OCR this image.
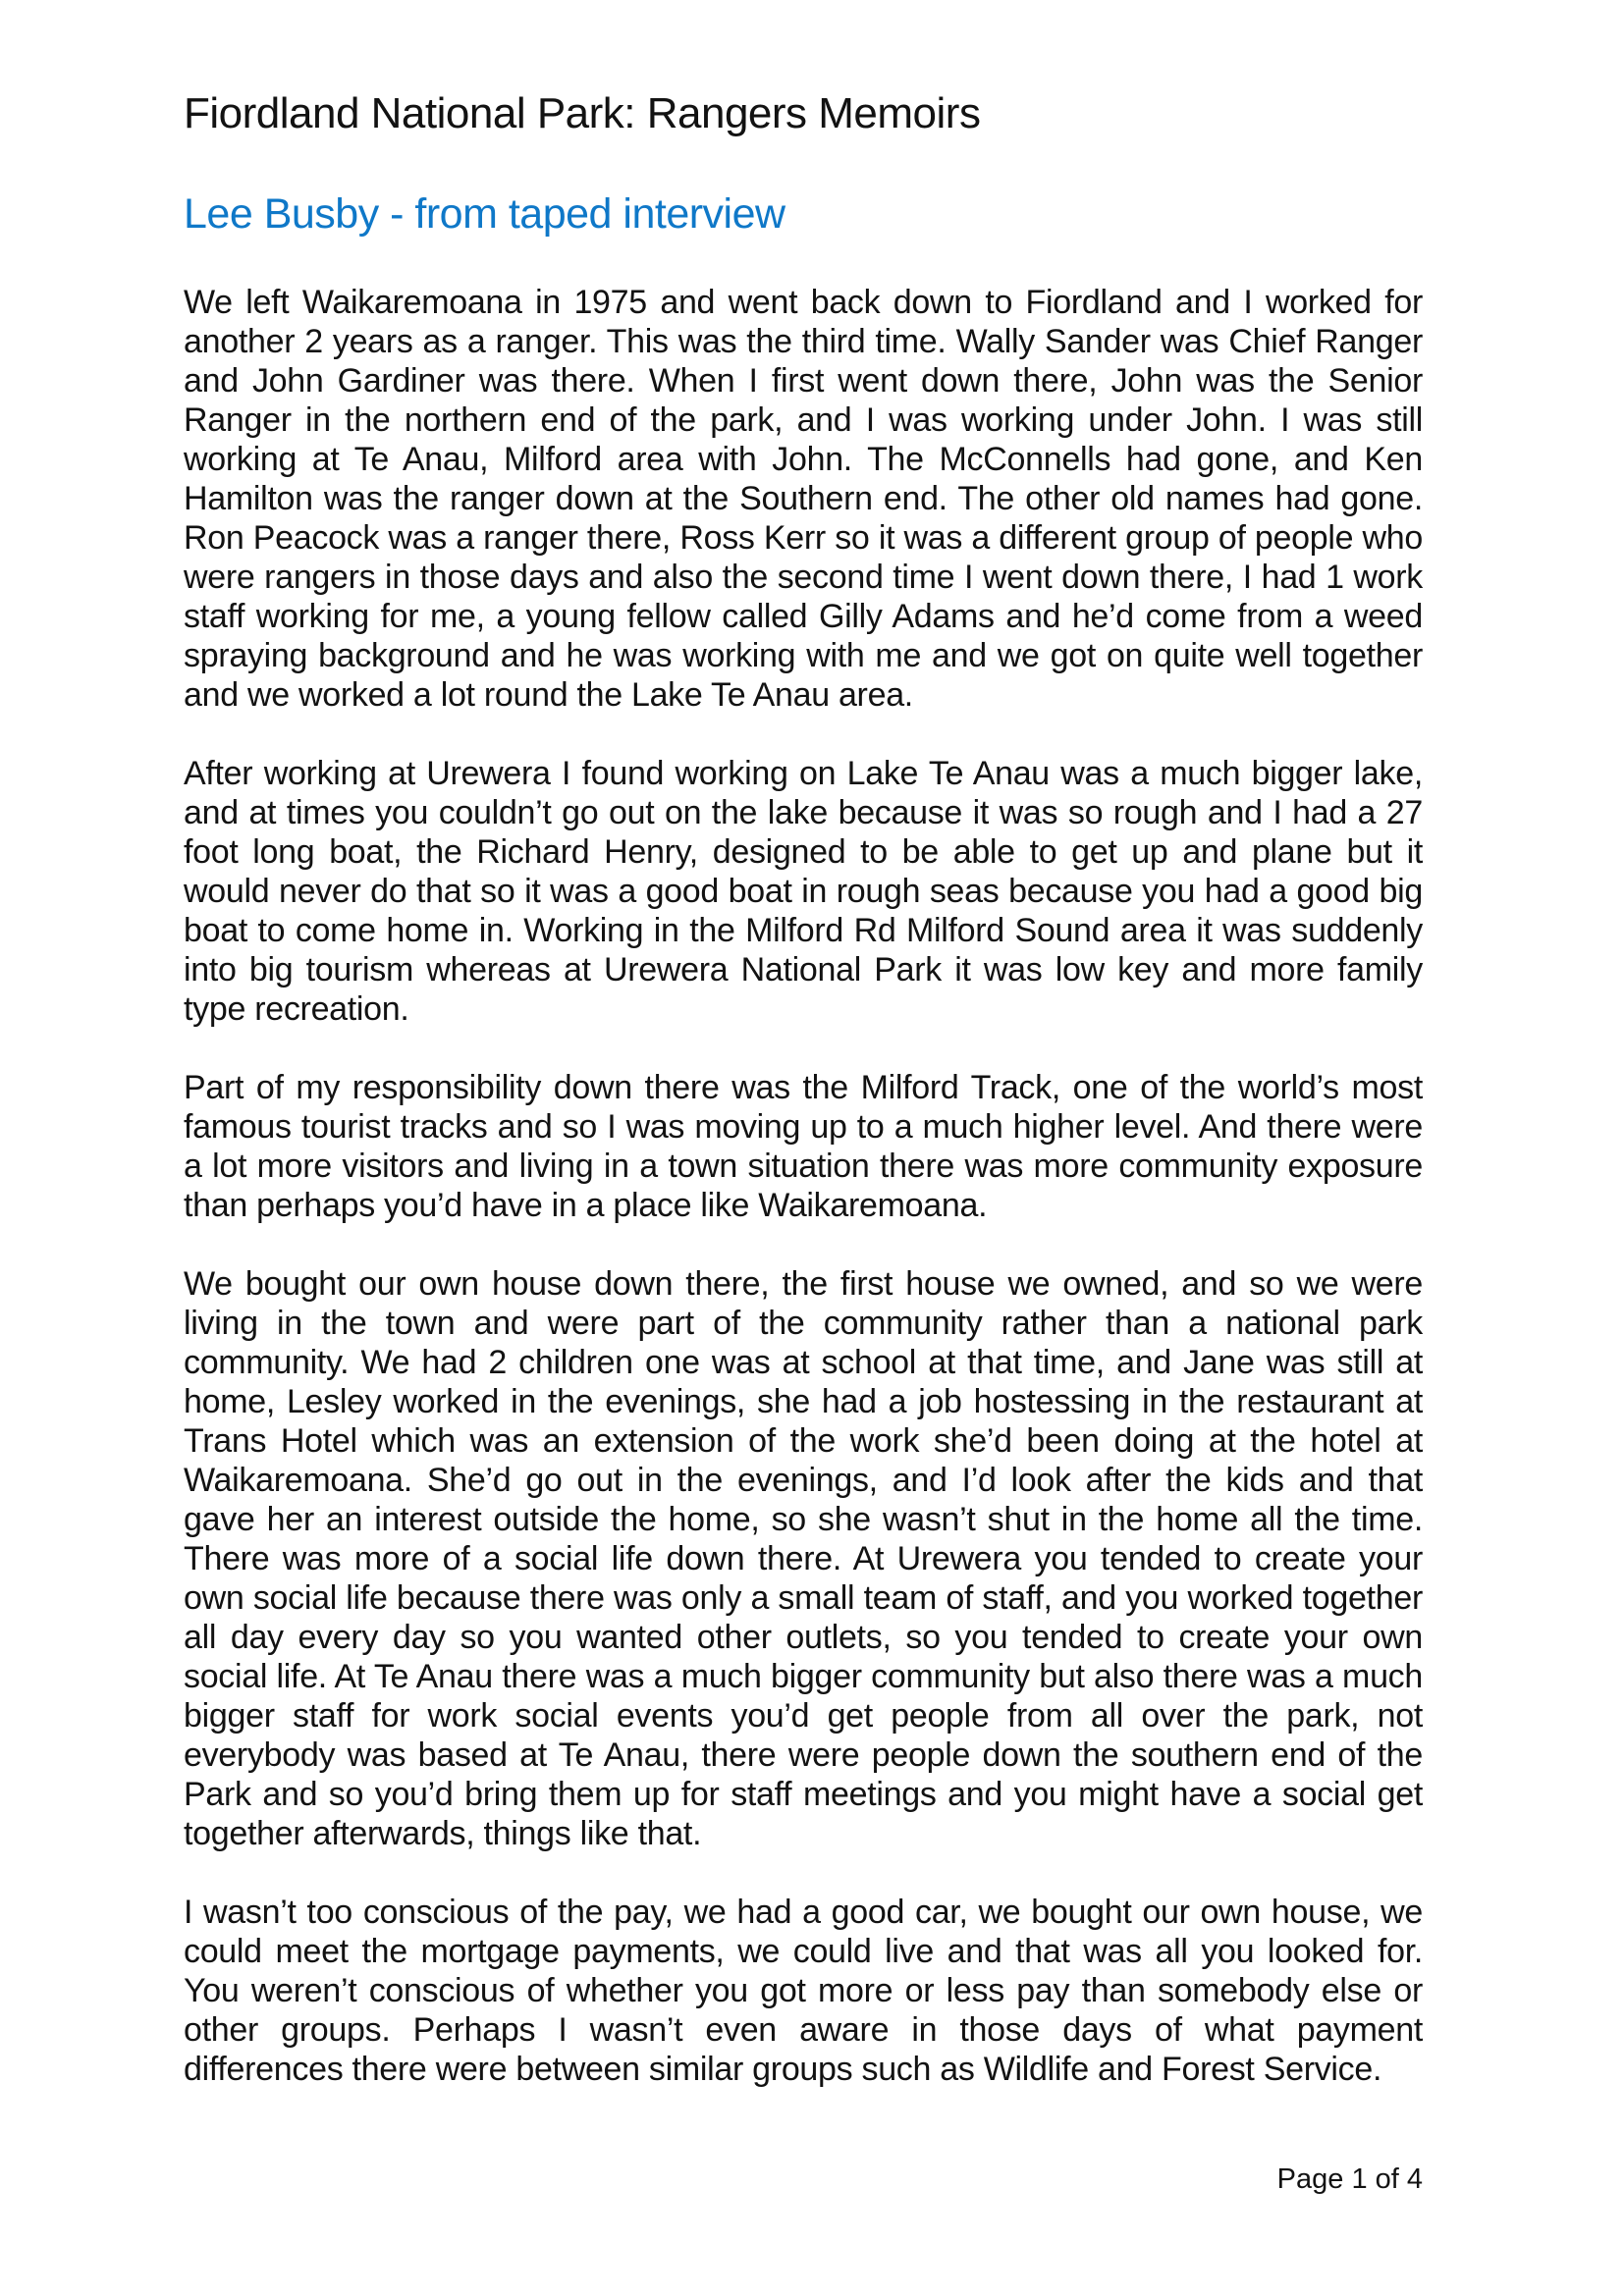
Fiordland National Park: Rangers Memoirs
Lee Busby - from taped interview

We left Waikaremoana in 1975 and went back down to Fiordland and I worked for another 2 years as a ranger. This was the third time. Wally Sander was Chief Ranger and John Gardiner was there. When I first went down there, John was the Senior Ranger in the northern end of the park, and I was working under John. I was still working at Te Anau, Milford area with John. The McConnells had gone, and Ken Hamilton was the ranger down at the Southern end. The other old names had gone. Ron Peacock was a ranger there, Ross Kerr so it was a different group of people who were rangers in those days and also the second time I went down there, I had 1 work staff working for me, a young fellow called Gilly Adams and he’d come from a weed spraying background and he was working with me and we got on quite well together and we worked a lot round the Lake Te Anau area.

After working at Urewera I found working on Lake Te Anau was a much bigger lake, and at times you couldn’t go out on the lake because it was so rough and I had a 27 foot long boat, the Richard Henry, designed to be able to get up and plane but it would never do that so it was a good boat in rough seas because you had a good big boat to come home in. Working in the Milford Rd Milford Sound area it was suddenly into big tourism whereas at Urewera National Park it was low key and more family type recreation.

Part of my responsibility down there was the Milford Track, one of the world’s most famous tourist tracks and so I was moving up to a much higher level. And there were a lot more visitors and living in a town situation there was more community exposure than perhaps you’d have in a place like Waikaremoana.

We bought our own house down there, the first house we owned, and so we were living in the town and were part of the community rather than a national park community. We had 2 children one was at school at that time, and Jane was still at home, Lesley worked in the evenings, she had a job hostessing in the restaurant at Trans Hotel which was an extension of the work she’d been doing at the hotel at Waikaremoana. She’d go out in the evenings, and I’d look after the kids and that gave her an interest outside the home, so she wasn’t shut in the home all the time. There was more of a social life down there. At Urewera you tended to create your own social life because there was only a small team of staff, and you worked together all day every day so you wanted other outlets, so you tended to create your own social life. At Te Anau there was a much bigger community but also there was a much bigger staff for work social events you’d get people from all over the park, not everybody was based at Te Anau, there were people down the southern end of the Park and so you’d bring them up for staff meetings and you might have a social get together afterwards, things like that.

I wasn’t too conscious of the pay, we had a good car, we bought our own house, we could meet the mortgage payments, we could live and that was all you looked for. You weren’t conscious of whether you got more or less pay than somebody else or other groups. Perhaps I wasn’t even aware in those days of what payment differences there were between similar groups such as Wildlife and Forest Service.

Page 1 of 4
